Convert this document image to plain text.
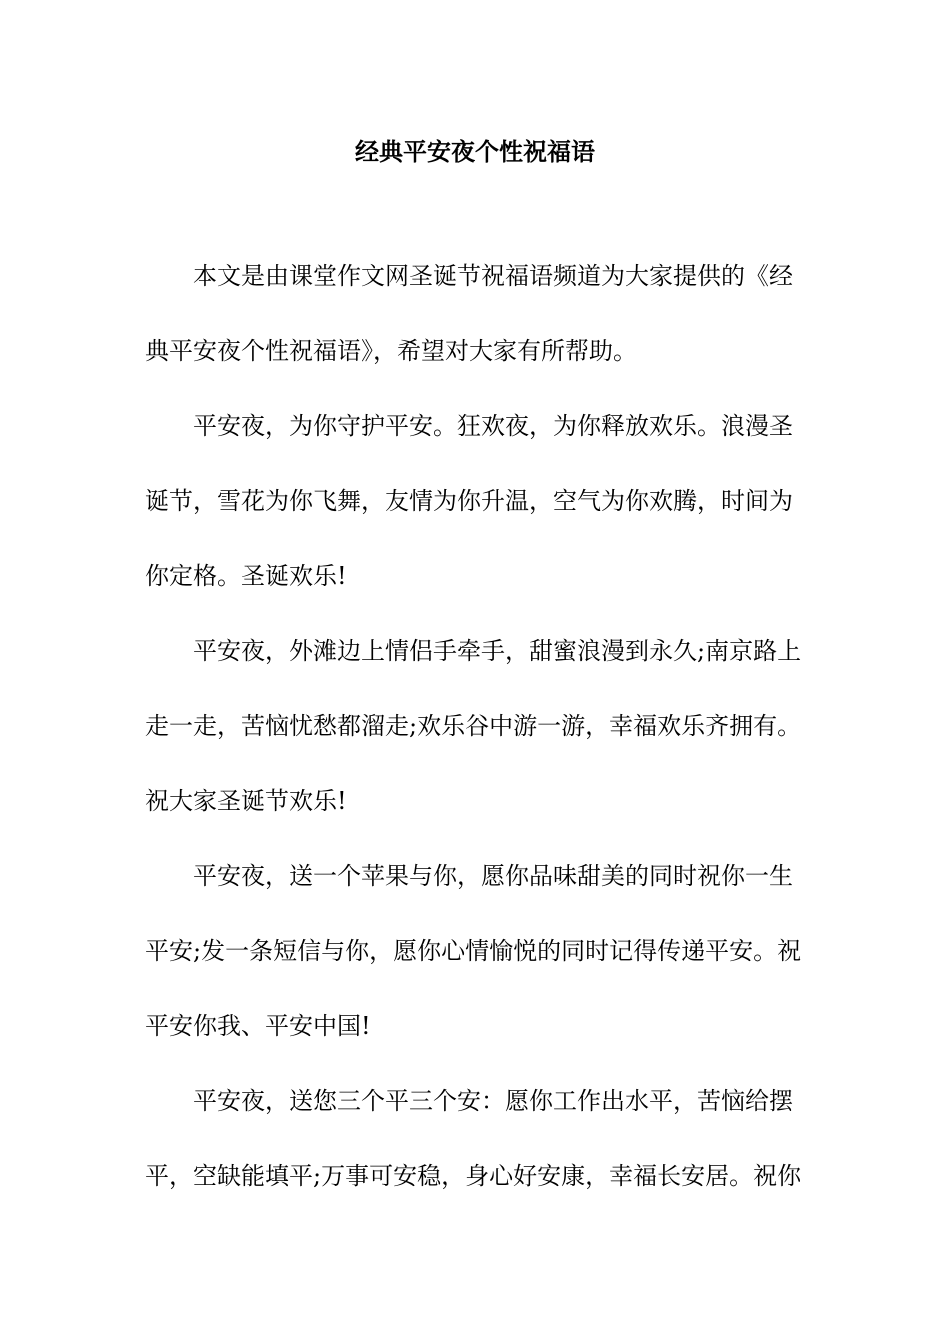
经典平安夜个性祝福语
本文是由课堂作文网圣诞节祝福语频道为大家提供的《经
典平安夜个性祝福语》，希望对大家有所帮助。
平安夜，为你守护平安。狂欢夜，为你释放欢乐。浪漫圣
诞节，雪花为你飞舞，友情为你升温，空气为你欢腾，时间为
你定格。圣诞欢乐!
平安夜，外滩边上情侣手牵手，甜蜜浪漫到永久;南京路上
走一走，苦恼忧愁都溜走;欢乐谷中游一游，幸福欢乐齐拥有。
祝大家圣诞节欢乐!
平安夜，送一个苹果与你，愿你品味甜美的同时祝你一生
平安;发一条短信与你，愿你心情愉悦的同时记得传递平安。祝
平安你我、平安中国!
平安夜，送您三个平三个安：愿你工作出水平，苦恼给摆
平，空缺能填平;万事可安稳，身心好安康，幸福长安居。祝你
